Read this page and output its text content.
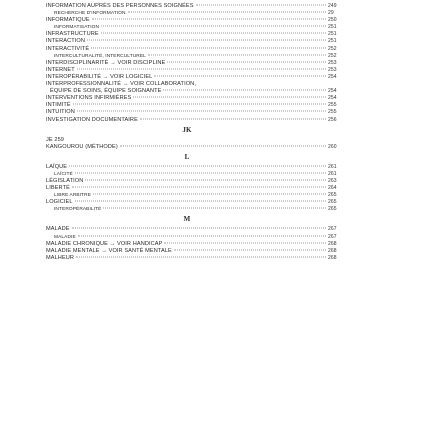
INFORMATION AUPRÈS DES PERSONNES SOIGNÉES	249
RECHERCHE D'INFORMATION	29
INFORMATIQUE	250
INFORMATISATION	251
INFRASTRUCTURE	251
INTERACTION	251
INTERACTIVITÉ	252
INTERCULTURALITÉ, INTERCULTUREL	252
INTERDISCIPLINARITÉ → VOIR DISCIPLINE	253
INTERNET	253
INTEROPÉRABILITÉ → VOIR LOGICIEL	254
INTERPROFESSIONNALITÉ → VOIR COLLABORATION,
ÉQUIPE DE SOINS, ÉQUIPE SOIGNANTE	254
INTERVENTIONS INFIRMIÈRES	254
INTIMITÉ	255
INTUITION	255
INVESTIGATION DOCUMENTAIRE	256
JK
JE 259
KANGOUROU (MÉTHODE)	260
L
LAÏQUE	261
LAÏCITÉ	261
LÉGISLATION	263
LIBERTÉ	264
LIBRE ARBITRE	265
LOGICIEL	265
INTEROPÉRABILITÉ	265
M
MALADE	267
MALADIE	267
MALADIE CHRONIQUE → VOIR HANDICAP	268
MALADIE MENTALE → VOIR SANTÉ MENTALE	268
MALHEUR	268
